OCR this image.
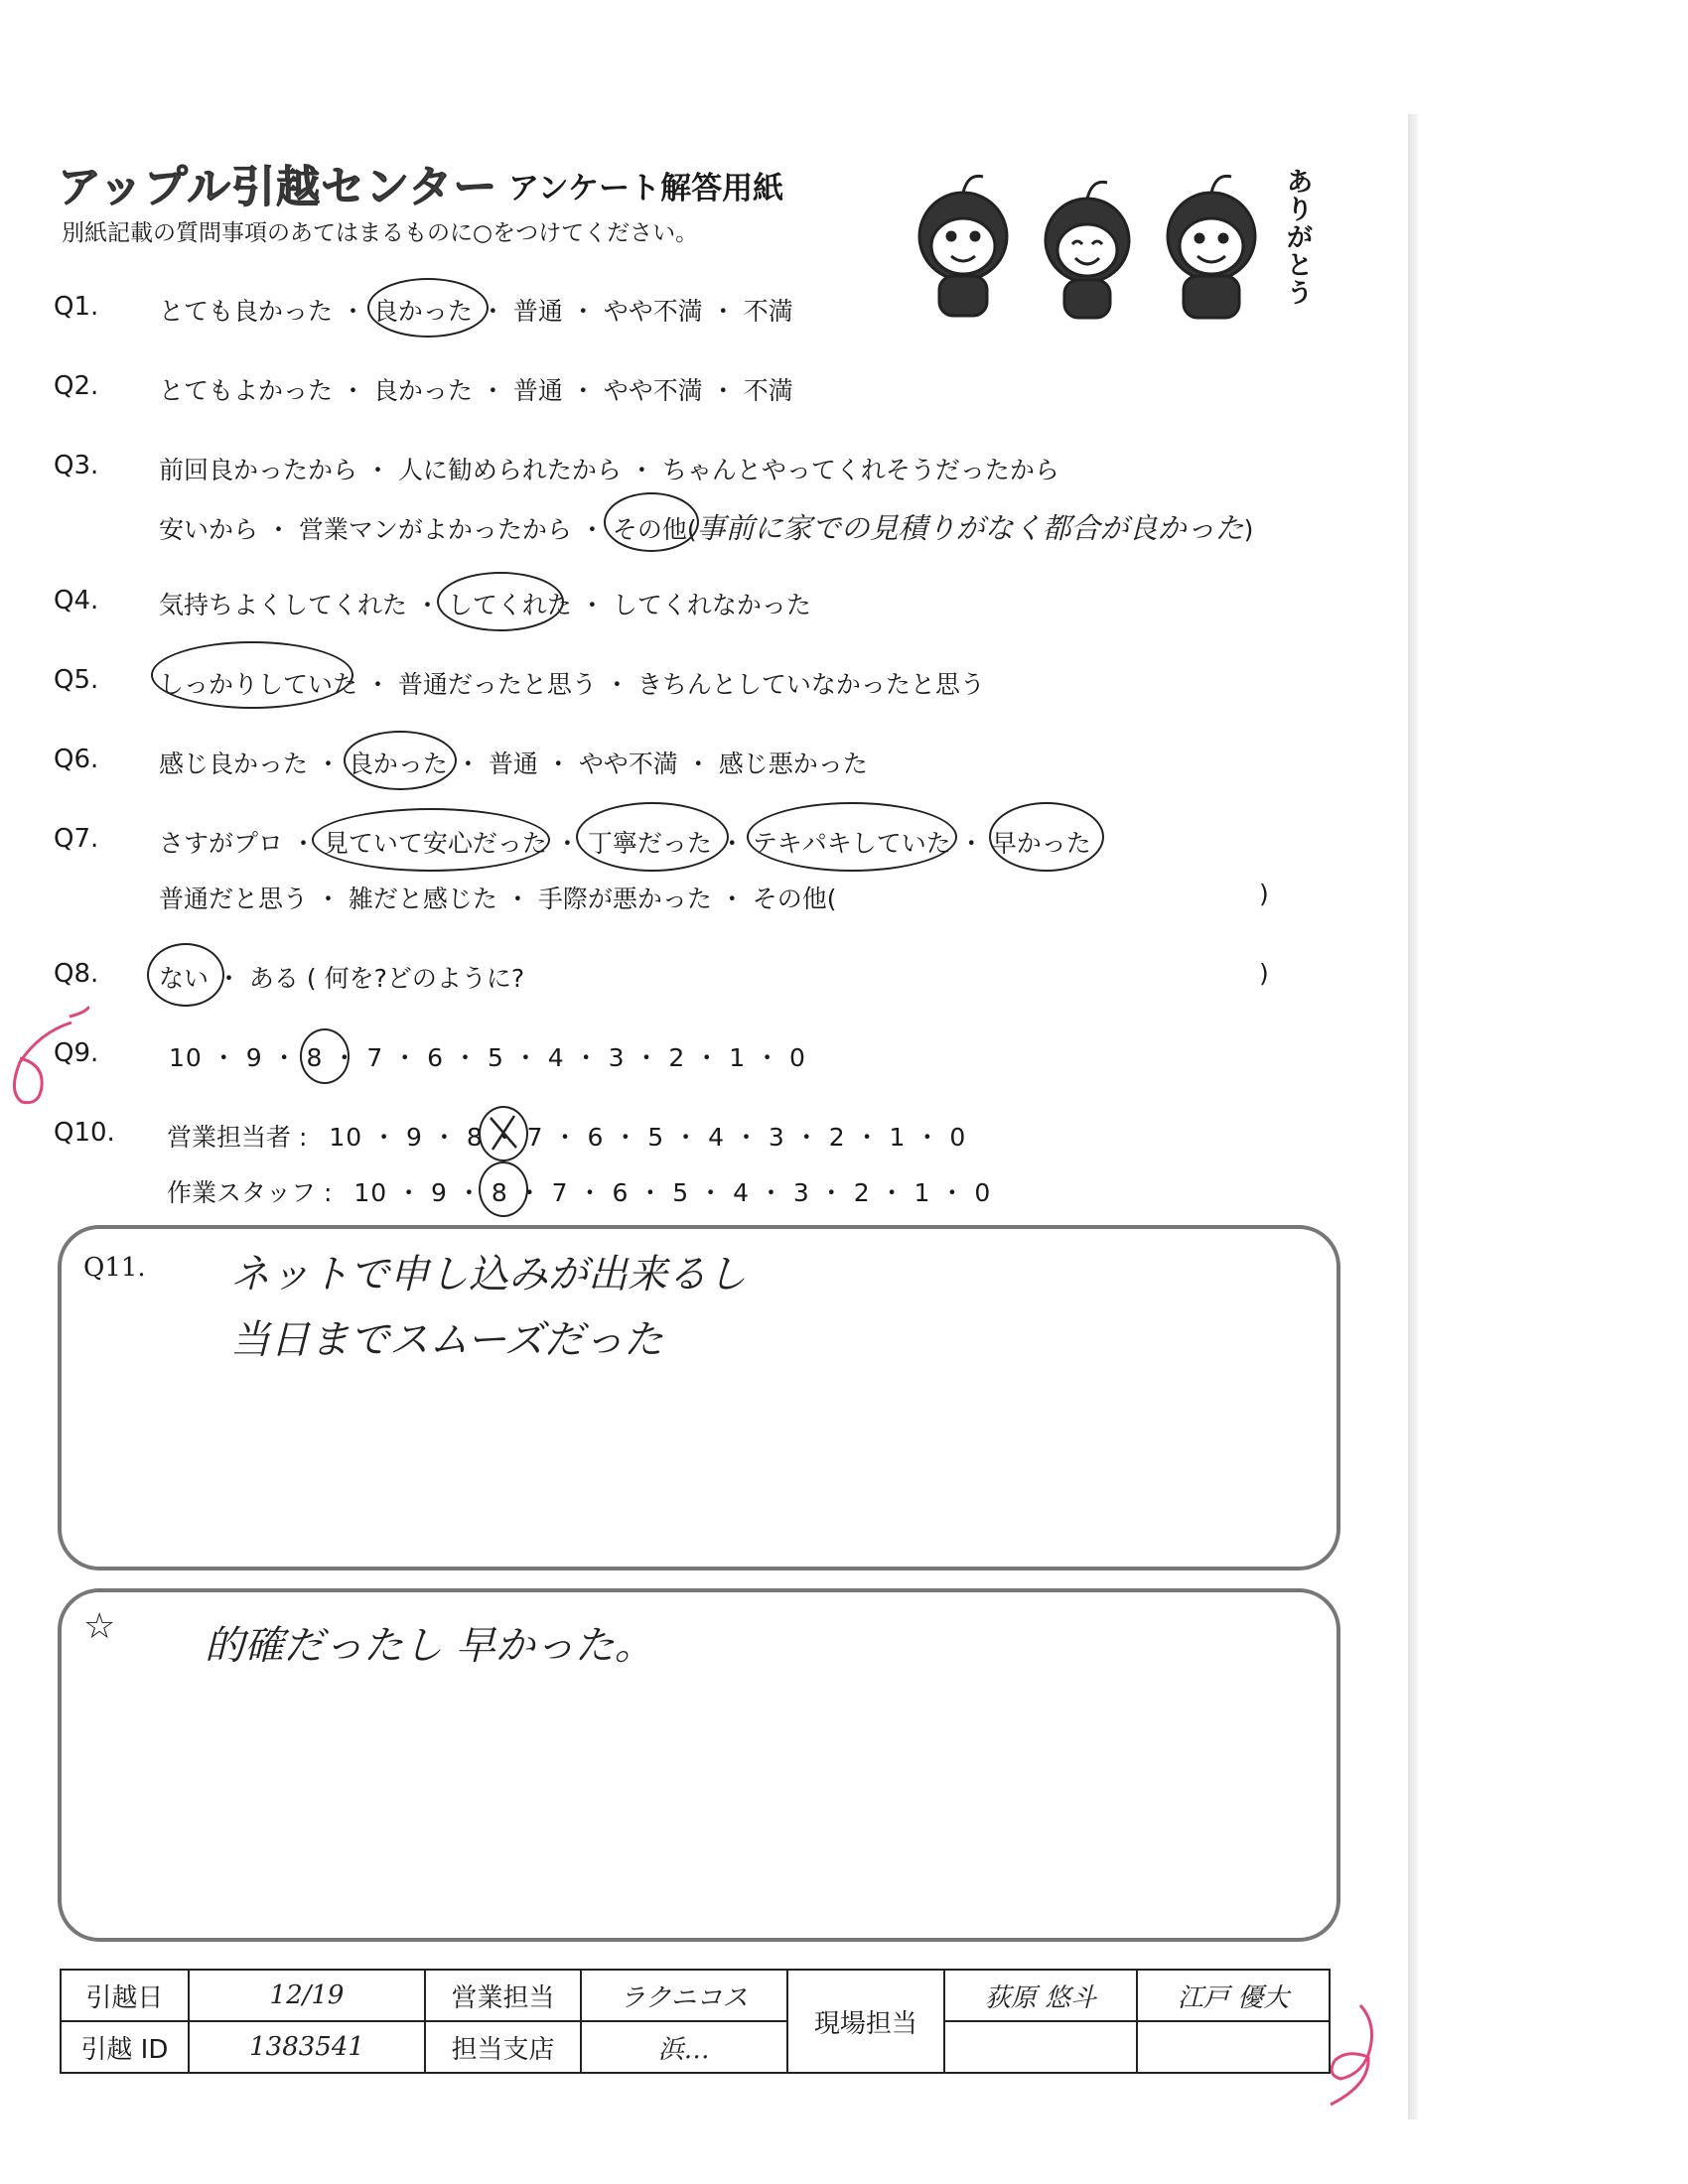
アップル引越センター アンケート解答用紙
別紙記載の質問事項のあてはまるものに○をつけてください。
ありがとう
Q1. とても良かった ・ 良かった ・ 普通 ・ やや不満 ・ 不満
Q2. とてもよかった ・ 良かった ・ 普通 ・ やや不満 ・ 不満
Q3. 前回良かったから ・ 人に勧められたから ・ ちゃんとやってくれそうだったから
安いから ・ 営業マンがよかったから ・ その他(事前に家での見積りがなく都合が良かった)
Q4. 気持ちよくしてくれた ・ してくれた ・ してくれなかった
Q5. しっかりしていた ・ 普通だったと思う ・ きちんとしていなかったと思う
Q6. 感じ良かった ・ 良かった ・ 普通 ・ やや不満 ・ 感じ悪かった
Q7. さすがプロ ・ 見ていて安心だった ・ 丁寧だった ・ テキパキしていた ・ 早かった
普通だと思う ・ 雑だと感じた ・ 手際が悪かった ・ その他(	)
Q8. ない ・ ある ( 何を?どのように?	)
Q9.	10 ・ 9 ・ 8 ・ 7 ・ 6 ・ 5 ・ 4 ・ 3 ・ 2 ・ 1 ・ 0
Q10. 営業担当者 : 10 ・ 9 ・ 8 ・ 7 ・ 6 ・ 5 ・ 4 ・ 3 ・ 2 ・ 1 ・ 0
作業スタッフ : 10 ・ 9 ・ 8 ・ 7 ・ 6 ・ 5 ・ 4 ・ 3 ・ 2 ・ 1 ・ 0
Q11. ネットで申し込みが出来るし
当日までスムーズだった
☆ 的確だったし 早かった。
引越日	12/19	営業担当	ラクニコス	現場担当	荻原 悠斗	江戸 優大
引越 ID	1383541	担当支店	浜…			
